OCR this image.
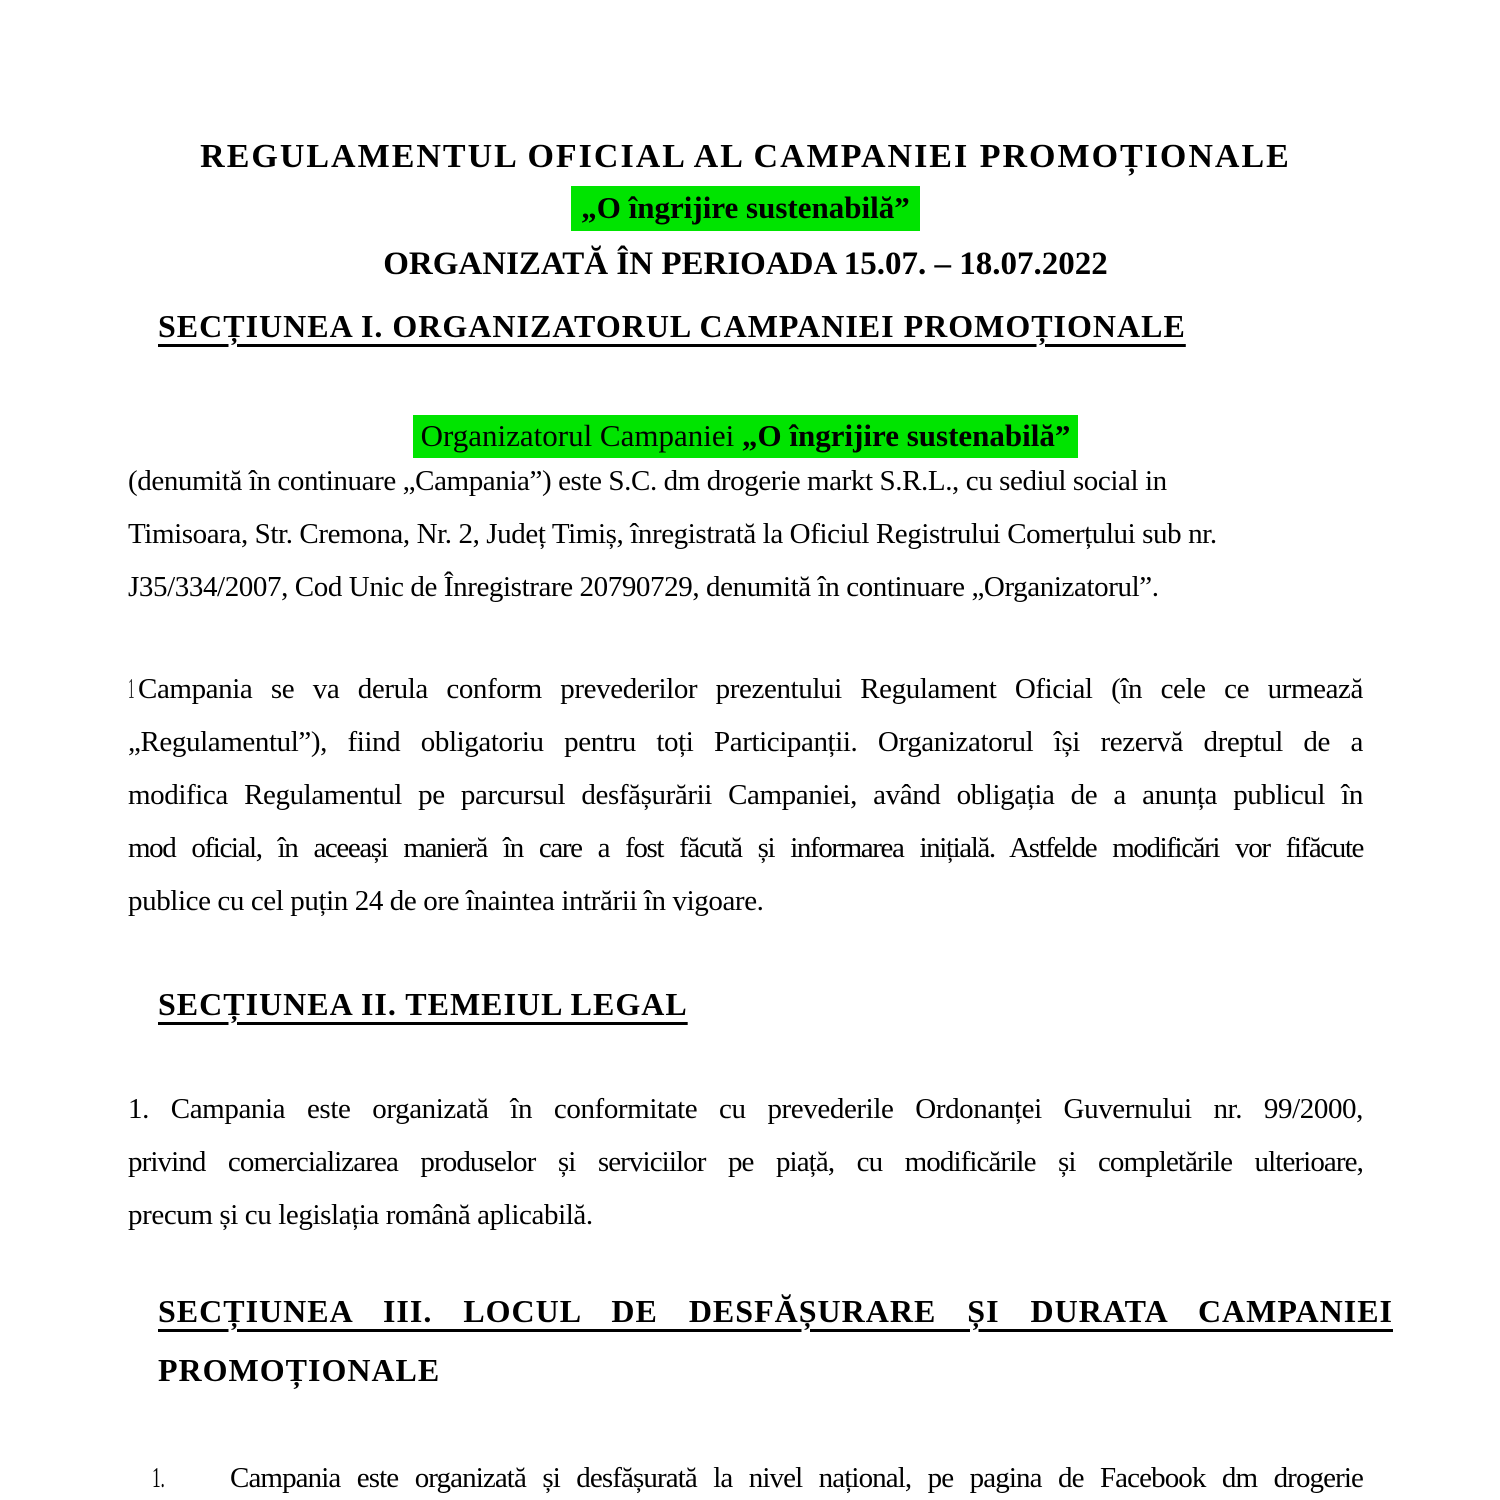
REGULAMENTUL OFICIAL AL CAMPANIEI PROMOȚIONALE
„O îngrijire sustenabilă”
ORGANIZATĂ ÎN PERIOADA 15.07. – 18.07.2022
SECȚIUNEA I. ORGANIZATORUL CAMPANIEI PROMOȚIONALE
Organizatorul Campaniei „O îngrijire sustenabilă”
(denumită în continuare „Campania”) este S.C. dm drogerie markt S.R.L., cu sediul social in
Timisoara, Str. Cremona, Nr. 2, Județ Timiș, înregistrată la Oficiul Registrului Comerțului sub nr.
J35/334/2007, Cod Unic de Înregistrare 20790729, denumită în continuare „Organizatorul”.
1 Campania se va derula conform prevederilor prezentului Regulament Oficial (în cele ce urmează
„Regulamentul”), fiind obligatoriu pentru toți Participanții. Organizatorul își rezervă dreptul de a
modifica Regulamentul pe parcursul desfășurării Campaniei, având obligația de a anunța publicul în
mod oficial, în aceeași manieră în care a fost făcută și informarea inițială. Astfelde modificări vor fifăcute
publice cu cel puțin 24 de ore înaintea intrării în vigoare.
SECȚIUNEA II. TEMEIUL LEGAL
1. Campania este organizată în conformitate cu prevederile Ordonanței Guvernului nr. 99/2000,
privind comercializarea produselor și serviciilor pe piață, cu modificările și completările ulterioare,
precum și cu legislația română aplicabilă.
SECȚIUNEA III. LOCUL DE DESFĂȘURARE ȘI DURATA CAMPANIEI
PROMOȚIONALE
1. Campania este organizată și desfășurată la nivel național, pe pagina de Facebook dm drogerie
